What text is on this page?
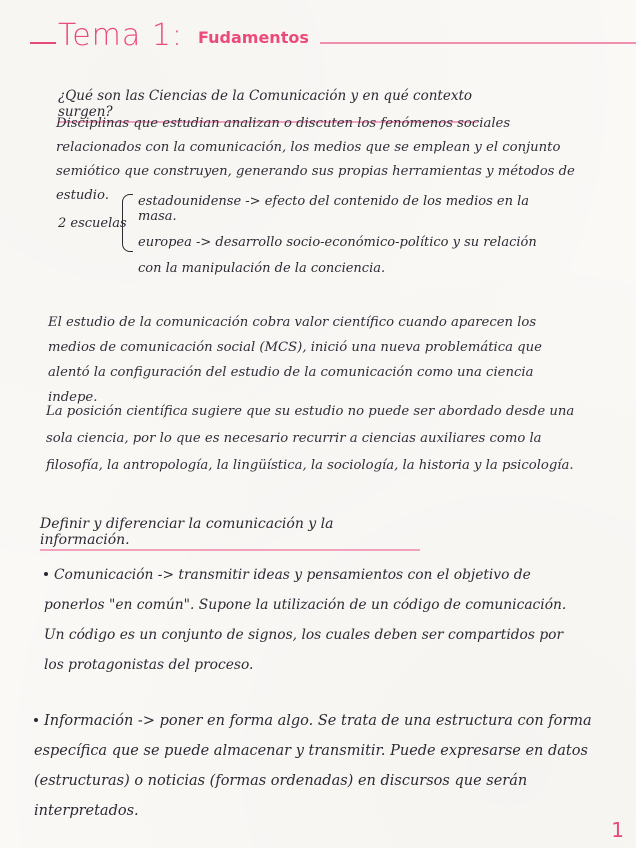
Tema 1: Fudamentos
¿Qué son las Ciencias de la Comunicación y en qué contexto surgen?
Disciplinas que estudian analizan o discuten los fenómenos sociales relacionados con la comunicación, los medios que se emplean y el conjunto semiótico que construyen, generando sus propias herramientas y métodos de estudio.
2 escuelas
estadounidense -> efecto del contenido de los medios en la masa.
europea -> desarrollo socio-económico-político y su relación con la manipulación de la conciencia.
El estudio de la comunicación cobra valor científico cuando aparecen los medios de comunicación social (MCS), inició una nueva problemática que alentó la configuración del estudio de la comunicación como una ciencia indepe.
La posición científica sugiere que su estudio no puede ser abordado desde una sola ciencia, por lo que es necesario recurrir a ciencias auxiliares como la filosofía, la antropología, la lingüística, la sociología, la historia y la psicología.
Definir y diferenciar la comunicación y la información.
Comunicación -> transmitir ideas y pensamientos con el objetivo de ponerlos "en común". Supone la utilización de un código de comunicación. Un código es un conjunto de signos, los cuales deben ser compartidos por los protagonistas del proceso.
Información -> poner en forma algo. Se trata de una estructura con forma específica que se puede almacenar y transmitir. Puede expresarse en datos (estructuras) o noticias (formas ordenadas) en discursos que serán interpretados.
1
